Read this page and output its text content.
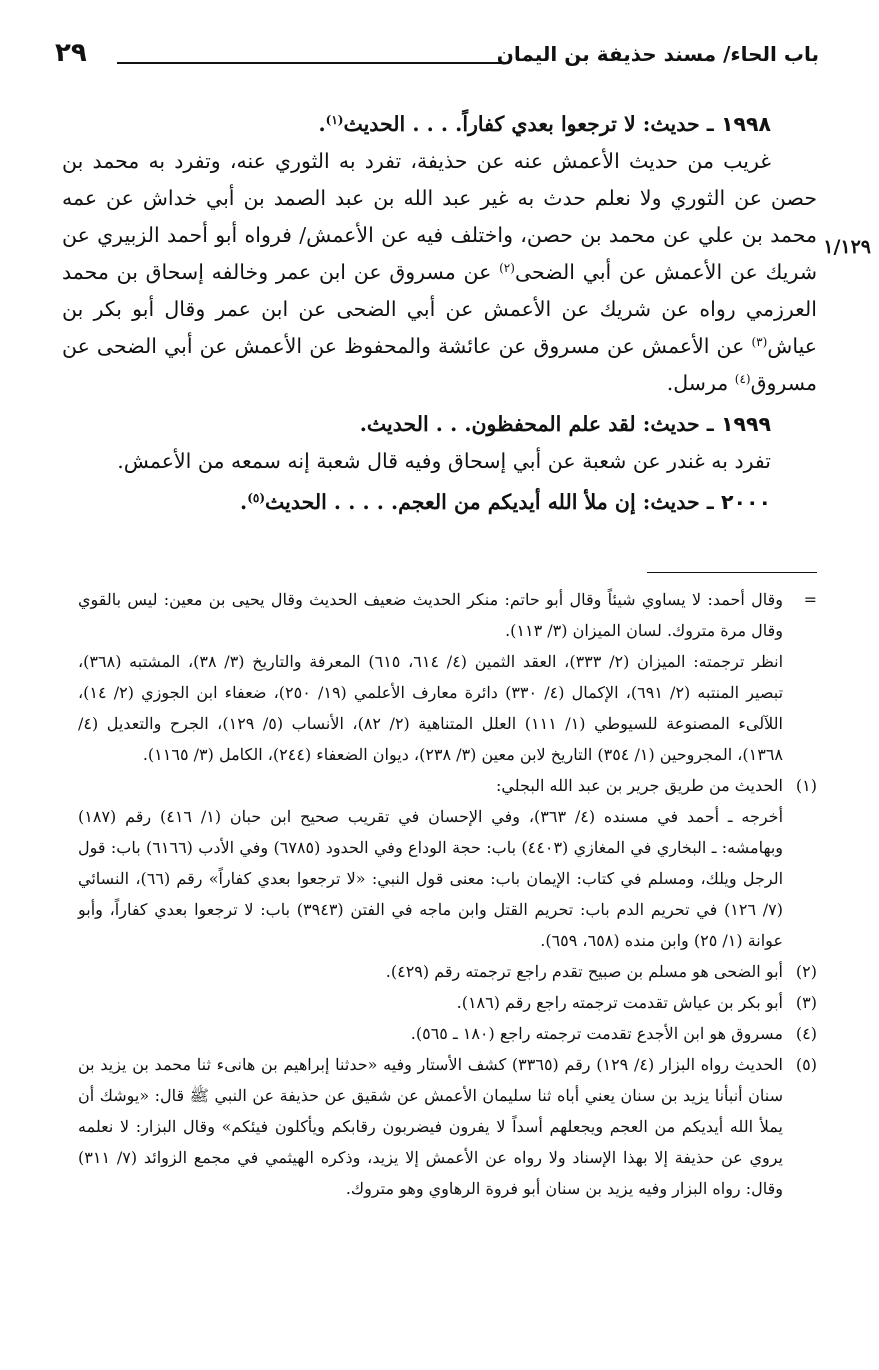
باب الحاء/ مسند حذيفة بن اليمان
٢٩
١/١٢٩

١٩٩٨ ـ حديث: لا ترجعوا بعدي كفاراً. . . . الحديث$^{(١)}$.

غريب من حديث الأعمش عنه عن حذيفة، تفرد به الثوري عنه، وتفرد به محمد بن حصن عن الثوري ولا نعلم حدث به غير عبد الله بن عبد الصمد بن أبي خداش عن عمه محمد بن علي عن محمد بن حصن، واختلف فيه عن الأعمش/ فرواه أبو أحمد الزبيري عن شريك عن الأعمش عن أبي الضحى$^{(٢)}$ عن مسروق عن ابن عمر وخالفه إسحاق بن محمد العرزمي رواه عن شريك عن الأعمش عن أبي الضحى عن ابن عمر وقال أبو بكر بن عياش$^{(٣)}$ عن الأعمش عن مسروق عن عائشة والمحفوظ عن الأعمش عن أبي الضحى عن مسروق$^{(٤)}$ مرسل.

١٩٩٩ ـ حديث: لقد علم المحفظون. . . الحديث.

تفرد به غندر عن شعبة عن أبي إسحاق وفيه قال شعبة إنه سمعه من الأعمش.

٢٠٠٠ ـ حديث: إن ملأ الله أيديكم من العجم. . . . . الحديث$^{(٥)}$.

=

وقال أحمد: لا يساوي شيئاً وقال أبو حاتم: منكر الحديث ضعيف الحديث وقال يحيى بن معين: ليس بالقوي وقال مرة متروك. لسان الميزان (٣/ ١١٣).

انظر ترجمته: الميزان (٢/ ٣٣٣)، العقد الثمين (٤/ ٦١٤، ٦١٥) المعرفة والتاريخ (٣/ ٣٨)، المشتبه (٣٦٨)، تبصير المنتبه (٢/ ٦٩١)، الإكمال (٤/ ٣٣٠) دائرة معارف الأعلمي (١٩/ ٢٥٠)، ضعفاء ابن الجوزي (٢/ ١٤)، اللآلىء المصنوعة للسيوطي (١/ ١١١) العلل المتناهية (٢/ ٨٢)، الأنساب (٥/ ١٢٩)، الجرح والتعديل (٤/ ١٣٦٨)، المجروحين (١/ ٣٥٤) التاريخ لابن معين (٣/ ٢٣٨)، ديوان الضعفاء (٢٤٤)، الكامل (٣/ ١١٦٥).

(١)

الحديث من طريق جرير بن عبد الله البجلي:

أخرجه ـ أحمد في مسنده (٤/ ٣٦٣)، وفي الإحسان في تقريب صحيح ابن حبان (١/ ٤١٦) رقم (١٨٧) وبهامشه: ـ البخاري في المغازي (٤٤٠٣) باب: حجة الوداع وفي الحدود (٦٧٨٥) وفي الأدب (٦١٦٦) باب: قول الرجل ويلك، ومسلم في كتاب: الإيمان باب: معنى قول النبي: «لا ترجعوا بعدي كفاراً» رقم (٦٦)، النسائي (٧/ ١٢٦) في تحريم الدم باب: تحريم القتل وابن ماجه في الفتن (٣٩٤٣) باب: لا ترجعوا بعدي كفاراً، وأبو عوانة (١/ ٢٥) وابن منده (٦٥٨، ٦٥٩).

(٢)

أبو الضحى هو مسلم بن صبيح تقدم راجع ترجمته رقم (٤٢٩).

(٣)

أبو بكر بن عياش تقدمت ترجمته راجع رقم (١٨٦).

(٤)

مسروق هو ابن الأجدع تقدمت ترجمته راجع (١٨٠ ـ ٥٦٥).

(٥)

الحديث رواه البزار (٤/ ١٢٩) رقم (٣٣٦٥) كشف الأستار وفيه «حدثنا إبراهيم بن هانىء ثنا محمد بن يزيد بن سنان أنبأنا يزيد بن سنان يعني أباه ثنا سليمان الأعمش عن شقيق عن حذيفة عن النبي ﷺ قال: «يوشك أن يملأ الله أيديكم من العجم ويجعلهم أسداً لا يفرون فيضربون رقابكم ويأكلون فيئكم» وقال البزار: لا نعلمه يروي عن حذيفة إلا بهذا الإسناد ولا رواه عن الأعمش إلا يزيد، وذكره الهيثمي في مجمع الزوائد (٧/ ٣١١) وقال: رواه البزار وفيه يزيد بن سنان أبو فروة الرهاوي وهو متروك.
